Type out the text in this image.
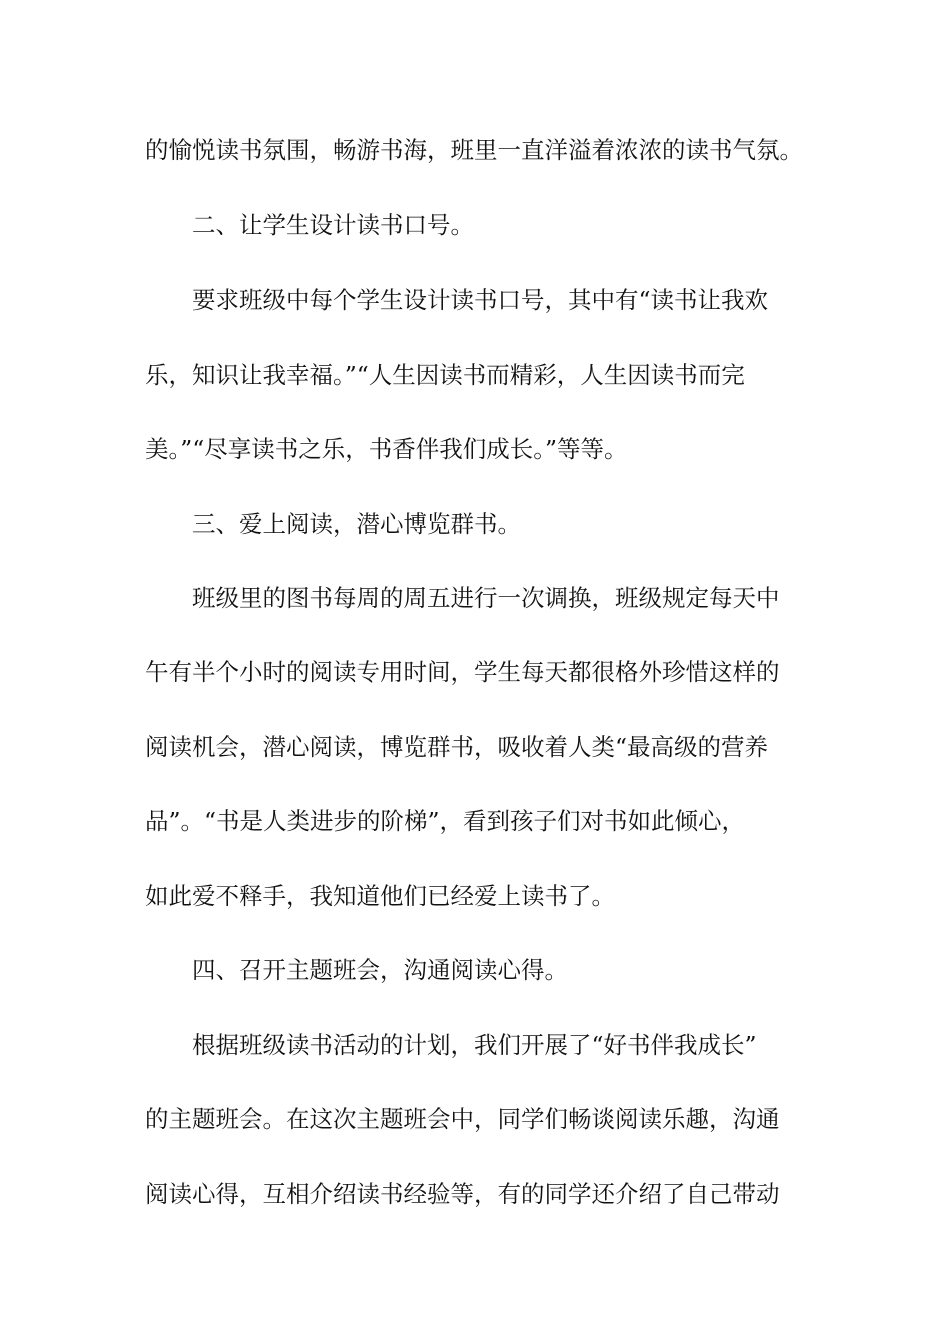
的愉悦读书氛围，畅游书海，班里一直洋溢着浓浓的读书气氛。
二、让学生设计读书口号。
要求班级中每个学生设计读书口号，其中有“读书让我欢
乐，知识让我幸福。”“人生因读书而精彩，人生因读书而完
美。”“尽享读书之乐，书香伴我们成长。”等等。
三、爱上阅读，潜心博览群书。
班级里的图书每周的周五进行一次调换，班级规定每天中
午有半个小时的阅读专用时间，学生每天都很格外珍惜这样的
阅读机会，潜心阅读，博览群书，吸收着人类“最高级的营养
品”。“书是人类进步的阶梯”，看到孩子们对书如此倾心，
如此爱不释手，我知道他们已经爱上读书了。
四、召开主题班会，沟通阅读心得。
根据班级读书活动的计划，我们开展了“好书伴我成长”
的主题班会。在这次主题班会中，同学们畅谈阅读乐趣，沟通
阅读心得，互相介绍读书经验等，有的同学还介绍了自己带动
